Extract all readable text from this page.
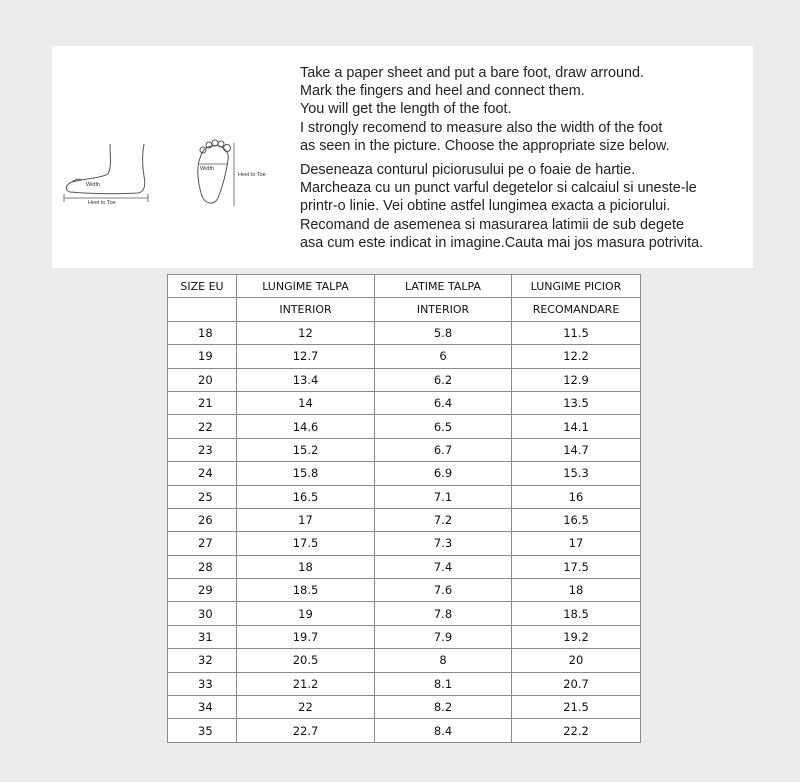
Width
Heel to Toe
Width
Heel to Toe

Take a paper sheet and put a bare foot, draw arround.

Mark the fingers and heel and connect them.

You will get the length of the foot.

I strongly recomend to measure also the width of the foot

as seen in the picture. Choose the appropriate size below.

Deseneaza conturul piciorusului pe o foaie de hartie.

Marcheaza cu un punct varful degetelor si calcaiul si uneste-le

printr-o linie. Vei obtine astfel lungimea exacta a piciorului.

Recomand de asemenea si masurarea latimii de sub degete

asa cum este indicat in imagine.Cauta mai jos masura potrivita.

SIZE EU	LUNGIME TALPA	LATIME TALPA	LUNGIME PICIOR
	INTERIOR	INTERIOR	RECOMANDARE
18	12	5.8	11.5
19	12.7	6	12.2
20	13.4	6.2	12.9
21	14	6.4	13.5
22	14.6	6.5	14.1
23	15.2	6.7	14.7
24	15.8	6.9	15.3
25	16.5	7.1	16
26	17	7.2	16.5
27	17.5	7.3	17
28	18	7.4	17.5
29	18.5	7.6	18
30	19	7.8	18.5
31	19.7	7.9	19.2
32	20.5	8	20
33	21.2	8.1	20.7
34	22	8.2	21.5
35	22.7	8.4	22.2
